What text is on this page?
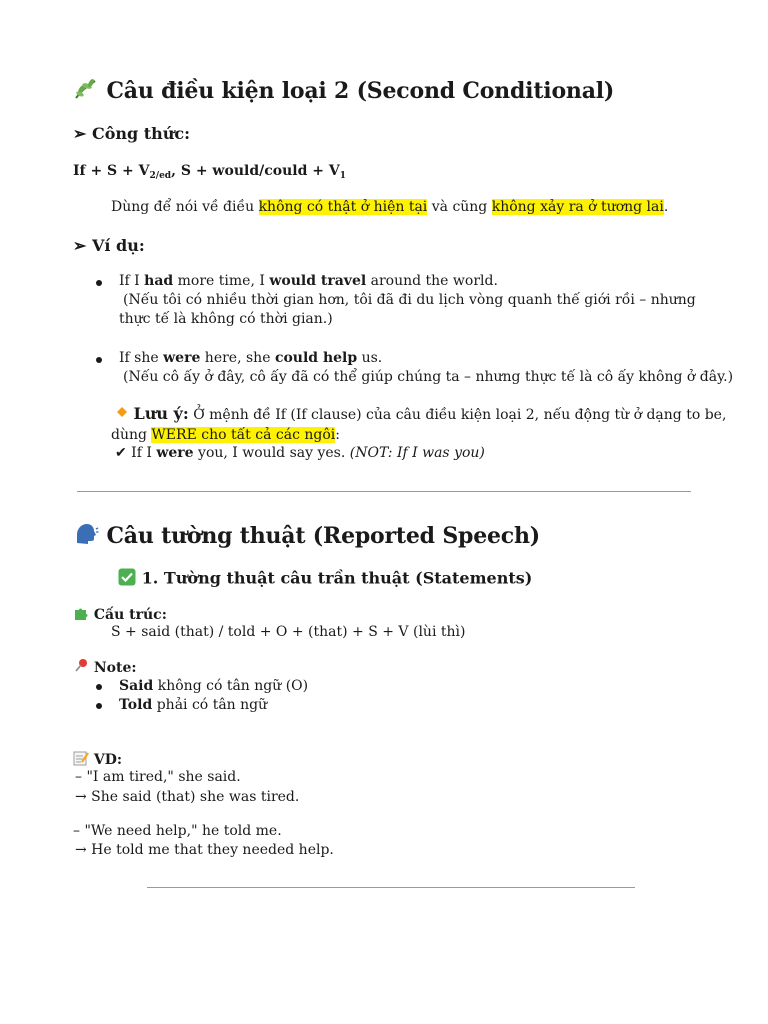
Câu điều kiện loại 2 (Second Conditional)
➢ Công thức:
$If + S + V_{2/ed}$, S + would/could + $V_1$
Dùng để nói về điều không có thật ở hiện tại và cũng không xảy ra ở tương lai.
➢ Ví dụ:
If I had more time, I would travel around the world.
(Nếu tôi có nhiều thời gian hơn, tôi đã đi du lịch vòng quanh thế giới rồi – nhưng
thực tế là không có thời gian.)
If she were here, she could help us.
(Nếu cô ấy ở đây, cô ấy đã có thể giúp chúng ta – nhưng thực tế là cô ấy không ở đây.)
Lưu ý: Ở mệnh đề If (If clause) của câu điều kiện loại 2, nếu động từ ở dạng to be,
dùng WERE cho tất cả các ngôi:
✔ If I were you, I would say yes. (NOT: If I was you)
Câu tường thuật (Reported Speech)
1. Tường thuật câu trần thuật (Statements)
Cấu trúc:
S + said (that) / told + O + (that) + S + V (lùi thì)
Note:
Said không có tân ngữ (O)
Told phải có tân ngữ
VD:
– "I am tired," she said.
→ She said (that) she was tired.
– "We need help," he told me.
→ He told me that they needed help.
